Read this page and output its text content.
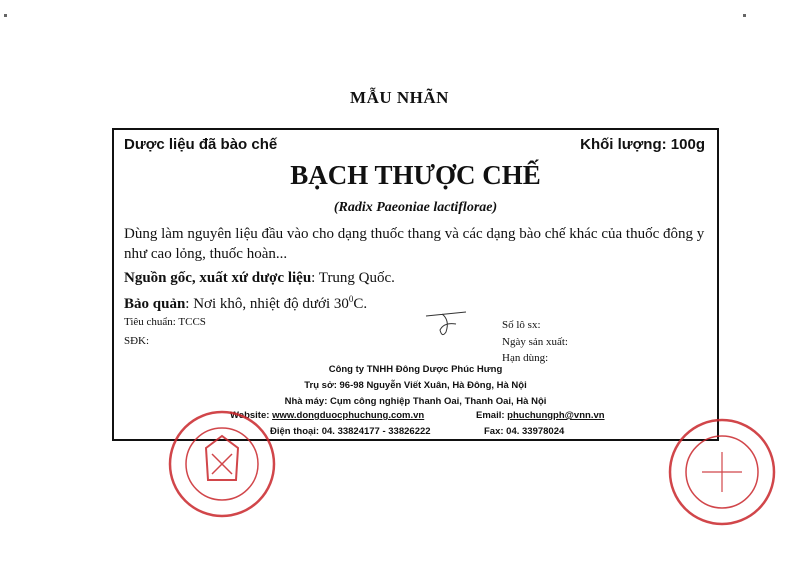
MẪU NHÃN
Dược liệu đã bào chế	Khối lượng: 100g
BẠCH THƯỢC CHẾ
(Radix Paeoniae lactiflorae)
Dùng làm nguyên liệu đầu vào cho dạng thuốc thang và các dạng bào chế khác của thuốc đông y như cao lỏng, thuốc hoàn...
Nguồn gốc, xuất xứ dược liệu: Trung Quốc.
Bảo quản: Nơi khô, nhiệt độ dưới $30^0C$.
Tiêu chuẩn: TCCS
SĐK:
Số lô sx:
Ngày sản xuất:
Hạn dùng:
Công ty TNHH Đông Dược Phúc Hưng
Trụ sở: 96-98 Nguyễn Viết Xuân, Hà Đông, Hà Nội
Nhà máy: Cụm công nghiệp Thanh Oai, Thanh Oai, Hà Nội
Website: www.dongduocphuchung.com.vn
Điện thoại: 04. 33824177 - 33826222
Email: phuchungph@vnn.vn
Fax: 04. 33978024
